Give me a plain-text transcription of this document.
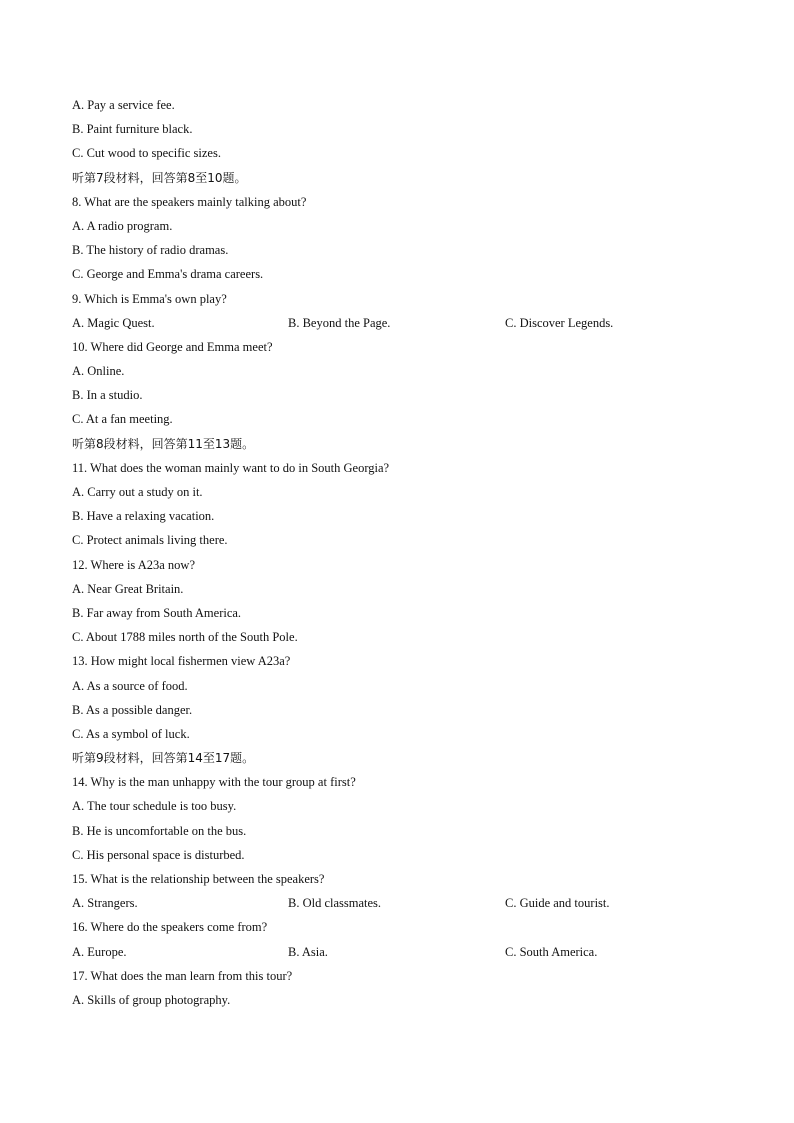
A. Pay a service fee.
B. Paint furniture black.
C. Cut wood to specific sizes.
听第7段材料，回答第8至10题。
8. What are the speakers mainly talking about?
A. A radio program.
B. The history of radio dramas.
C. George and Emma's drama careers.
9. Which is Emma's own play?
A. Magic Quest.	B. Beyond the Page.	C. Discover Legends.
10. Where did George and Emma meet?
A. Online.
B. In a studio.
C. At a fan meeting.
听第8段材料，回答第11至13题。
11. What does the woman mainly want to do in South Georgia?
A. Carry out a study on it.
B. Have a relaxing vacation.
C. Protect animals living there.
12. Where is A23a now?
A. Near Great Britain.
B. Far away from South America.
C. About 1788 miles north of the South Pole.
13. How might local fishermen view A23a?
A. As a source of food.
B. As a possible danger.
C. As a symbol of luck.
听第9段材料，回答第14至17题。
14. Why is the man unhappy with the tour group at first?
A. The tour schedule is too busy.
B. He is uncomfortable on the bus.
C. His personal space is disturbed.
15. What is the relationship between the speakers?
A. Strangers.	B. Old classmates.	C. Guide and tourist.
16. Where do the speakers come from?
A. Europe.	B. Asia.	C. South America.
17. What does the man learn from this tour?
A. Skills of group photography.
